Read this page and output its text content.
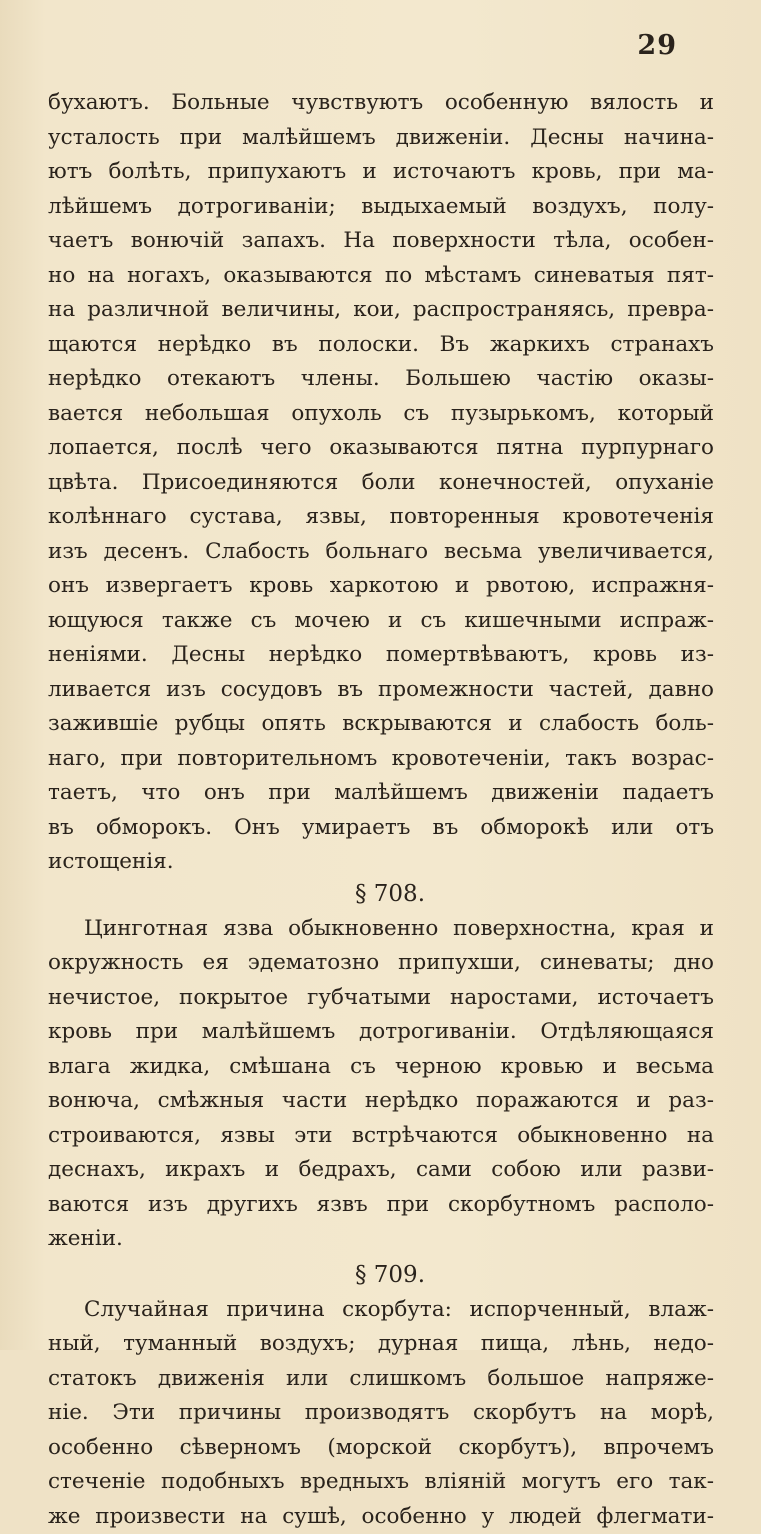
29
бухаютъ. Больные чувствуютъ особенную вялость и
усталость при малѣйшемъ движеніи. Десны начина-
ютъ болѣть, припухаютъ и источаютъ кровь, при ма-
лѣйшемъ дотрогиваніи; выдыхаемый воздухъ, полу-
чаетъ вонючій запахъ. На поверхности тѣла, особен-
но на ногахъ, оказываются по мѣстамъ синеватыя пят-
на различной величины, кои, распространяясь, превра-
щаются нерѣдко въ полоски. Въ жаркихъ странахъ
нерѣдко отекаютъ члены. Большею частію оказы-
вается небольшая опухоль съ пузырькомъ, который
лопается, послѣ чего оказываются пятна пурпурнаго
цвѣта. Присоединяются боли конечностей, опуханіе
колѣннаго сустава, язвы, повторенныя кровотеченія
изъ десенъ. Слабость больнаго весьма увеличивается,
онъ извергаетъ кровь харкотою и рвотою, испражня-
ющуюся также съ мочею и съ кишечными испраж-
неніями. Десны нерѣдко помертвѣваютъ, кровь из-
ливается изъ сосудовъ въ промежности частей, давно
зажившіе рубцы опять вскрываются и слабость боль-
наго, при повторительномъ кровотеченіи, такъ возрас-
таетъ, что онъ при малѣйшемъ движеніи падаетъ
въ обморокъ. Онъ умираетъ въ обморокѣ или отъ
истощенія.
§ 708.
Цинготная язва обыкновенно поверхностна, края и
окружность ея эдематозно припухши, синеваты; дно
нечистое, покрытое губчатыми наростами, источаетъ
кровь при малѣйшемъ дотрогиваніи. Отдѣляющаяся
влага жидка, смѣшана съ черною кровью и весьма
вонюча, смѣжныя части нерѣдко поражаются и раз-
строиваются, язвы эти встрѣчаются обыкновенно на
деснахъ, икрахъ и бедрахъ, сами собою или разви-
ваются изъ другихъ язвъ при скорбутномъ располо-
женіи.
§ 709.
Случайная причина скорбута: испорченный, влаж-
ный, туманный воздухъ; дурная пища, лѣнь, недо-
статокъ движенія или слишкомъ большое напряже-
ніе. Эти причины производятъ скорбутъ на морѣ,
особенно сѣверномъ (морской скорбутъ), впрочемъ
стеченіе подобныхъ вредныхъ вліяній могутъ его так-
же произвести на сушѣ, особенно у людей флегмати-
